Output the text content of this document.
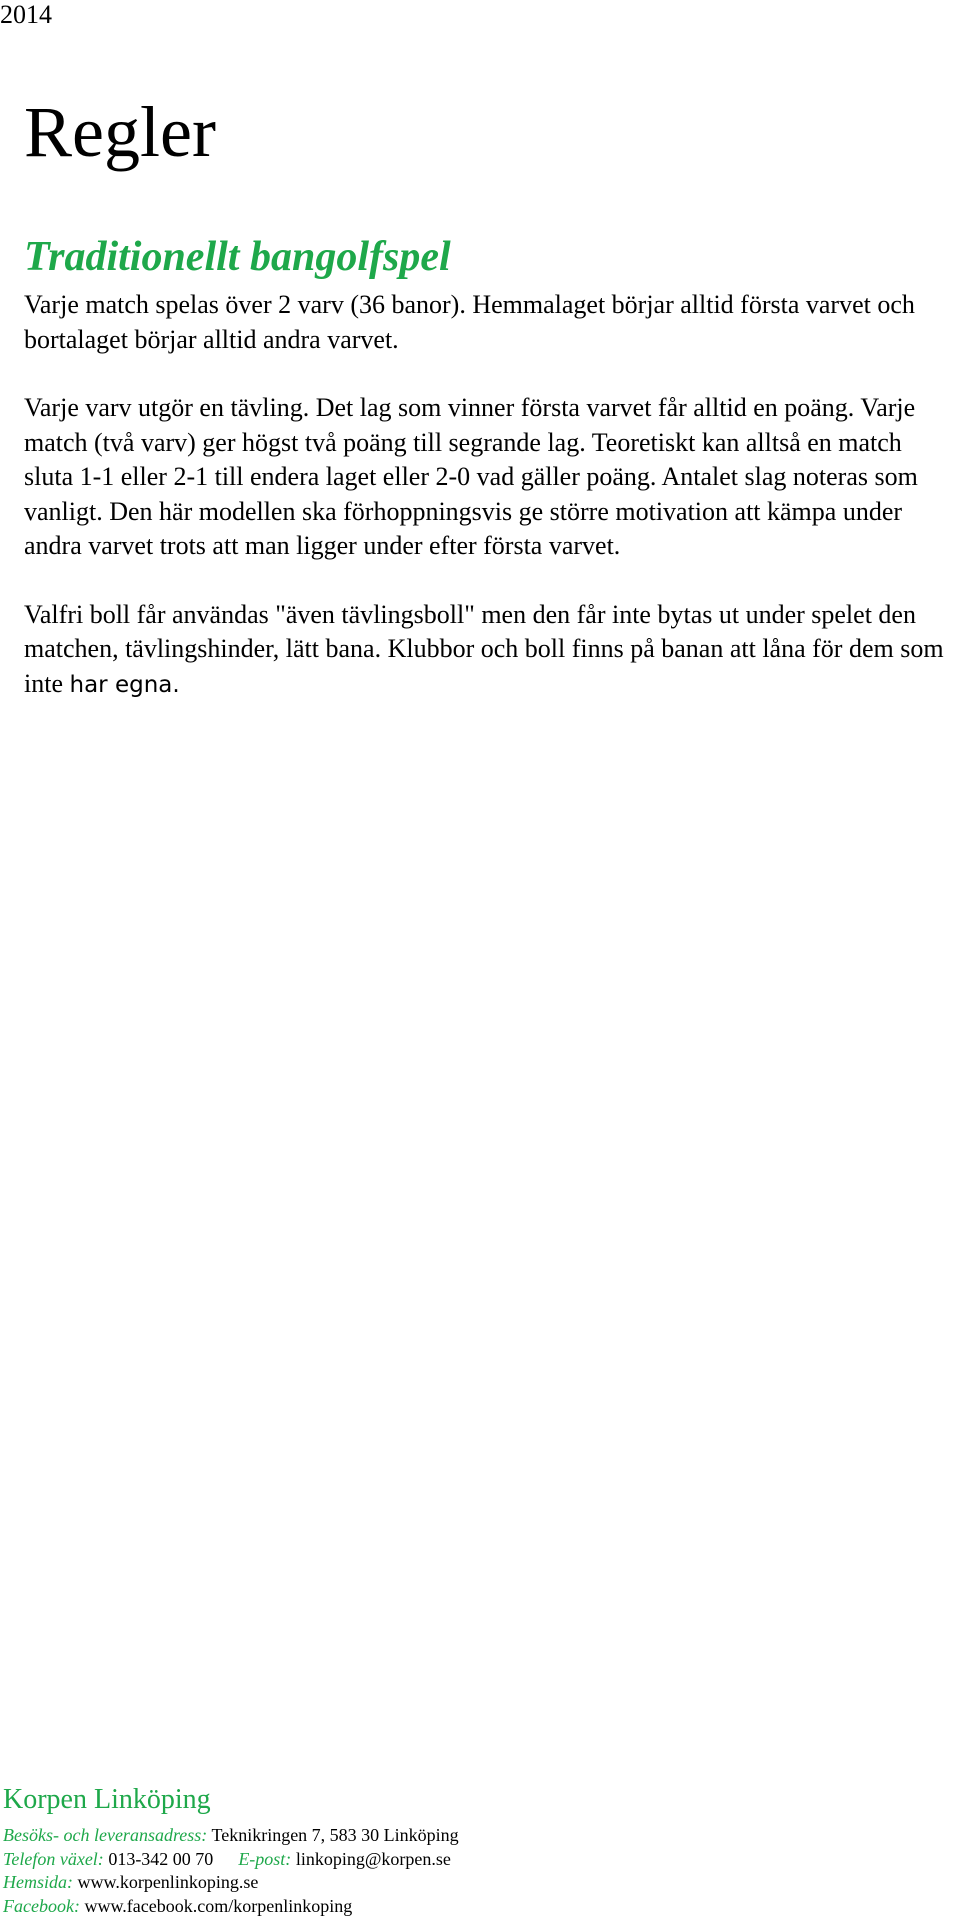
2014
Regler
Traditionellt bangolfspel

Varje match spelas över 2 varv (36 banor). Hemmalaget börjar alltid första varvet och bortalaget börjar alltid andra varvet.

Varje varv utgör en tävling. Det lag som vinner första varvet får alltid en poäng. Varje match (två varv) ger högst två poäng till segrande lag. Teoretiskt kan alltså en match sluta 1-1 eller 2-1 till endera laget eller 2-0 vad gäller poäng. Antalet slag noteras som vanligt. Den här modellen ska förhoppningsvis ge större motivation att kämpa under andra varvet trots att man ligger under efter första varvet.

Valfri boll får användas "även tävlingsboll" men den får inte bytas ut under spelet den matchen, tävlingshinder, lätt bana. Klubbor och boll finns på banan att låna för dem som inte har egna.

Korpen Linköping
Besöks- och leveransadress: Teknikringen 7, 583 30 Linköping
Telefon växel: 013-342 00 70 E-post: linkoping@korpen.se
Hemsida: www.korpenlinkoping.se
Facebook: www.facebook.com/korpenlinkoping
